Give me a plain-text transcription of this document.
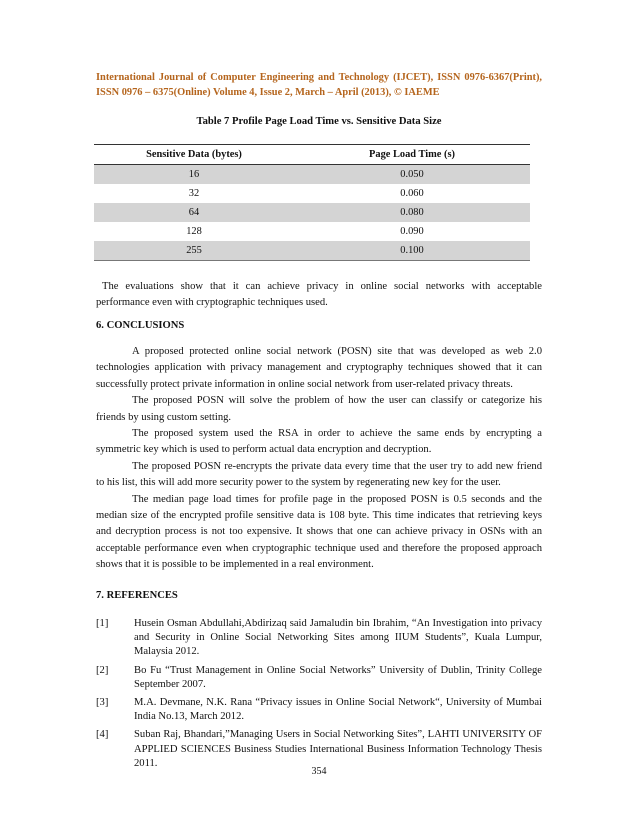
International Journal of Computer Engineering and Technology (IJCET), ISSN 0976-6367(Print), ISSN 0976 – 6375(Online) Volume 4, Issue 2, March – April (2013), © IAEME
Table 7 Profile Page Load Time vs. Sensitive Data Size
Sensitive Data (bytes)	Page Load Time (s)
16	0.050
32	0.060
64	0.080
128	0.090
255	0.100

The evaluations show that it can achieve privacy in online social networks with acceptable performance even with cryptographic techniques used.

6. CONCLUSIONS

A proposed protected online social network (POSN) site that was developed as web 2.0 technologies application with privacy management and cryptography techniques showed that it can successfully protect private information in online social network from user-related privacy threats.

The proposed POSN will solve the problem of how the user can classify or categorize his friends by using custom setting.

The proposed system used the RSA in order to achieve the same ends by encrypting a symmetric key which is used to perform actual data encryption and decryption.

The proposed POSN re-encrypts the private data every time that the user try to add new friend to his list, this will add more security power to the system by regenerating new key for the user.

The median page load times for profile page in the proposed POSN is 0.5 seconds and the median size of the encrypted profile sensitive data is 108 byte. This time indicates that retrieving keys and decryption process is not too expensive. It shows that one can achieve privacy in OSNs with an acceptable performance even when cryptographic technique used and therefore the proposed approach shows that it is possible to be implemented in a real environment.

7. REFERENCES
[1]	Husein Osman Abdullahi,Abdirizaq said Jamaludin bin Ibrahim, “An Investigation into privacy and Security in Online Social Networking Sites among IIUM Students”, Kuala Lumpur, Malaysia 2012.
[2]	Bo Fu “Trust Management in Online Social Networks” University of Dublin, Trinity College September 2007.
[3]	M.A. Devmane, N.K. Rana “Privacy issues in Online Social Network“, University of Mumbai India No.13, March 2012.
[4]	Suban Raj, Bhandari,”Managing Users in Social Networking Sites”, LAHTI UNIVERSITY OF APPLIED SCIENCES Business Studies International Business Information Technology Thesis 2011.
354
